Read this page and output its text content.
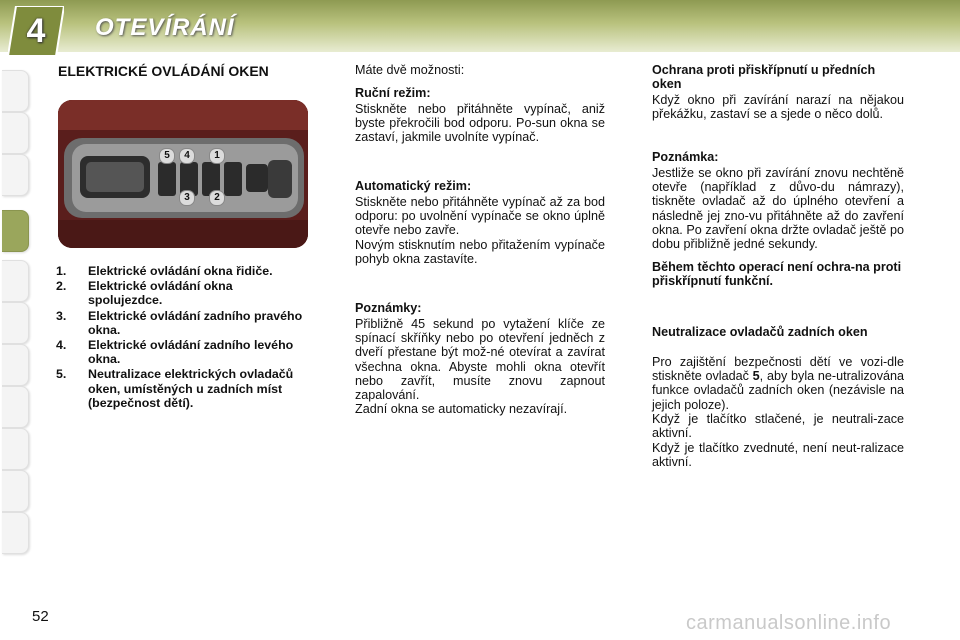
4	OTEVÍRÁNÍ
ELEKTRICKÉ OVLÁDÁNÍ OKEN
5	4	1
3	2
1. Elektrické ovládání okna řidiče.
2. Elektrické ovládání okna spolujezdce.
3. Elektrické ovládání zadního pravého okna.
4. Elektrické ovládání zadního levého okna.
5. Neutralizace elektrických ovladačů oken, umístěných u zadních míst (bezpečnost dětí).
Máte dvě možnosti:
Ruční režim:
Stiskněte nebo přitáhněte vypínač, aniž byste překročili bod odporu. Po-sun okna se zastaví, jakmile uvolníte vypínač.
Automatický režim:
Stiskněte nebo přitáhněte vypínač až za bod odporu: po uvolnění vypínače se okno úplně otevře nebo zavře.
Novým stisknutím nebo přitažením vypínače pohyb okna zastavíte.
Poznámky:
Přibližně 45 sekund po vytažení klíče ze spínací skříňky nebo po otevření jedněch z dveří přestane být mož-né otevírat a zavírat všechna okna. Abyste mohli okna otevřít nebo zavřít, musíte znovu zapnout zapalování.
Zadní okna se automaticky nezavírají.
Ochrana proti přiskřípnutí u předních oken
Když okno při zavírání narazí na nějakou překážku, zastaví se a sjede o něco dolů.
Poznámka:
Jestliže se okno při zavírání znovu nechtěně otevře (například z důvo-du námrazy), tiskněte ovladač až do úplného otevření a následně jej zno-vu přitáhněte až do zavření okna. Po zavření okna držte ovladač ještě po dobu přibližně jedné sekundy.
Během těchto operací není ochra-na proti přiskřípnutí funkční.
Neutralizace ovladačů zadních oken
Pro zajištění bezpečnosti dětí ve vozi-dle stiskněte ovladač 5, aby byla ne-utralizována funkce ovladačů zadních oken (nezávisle na jejich poloze).
Když je tlačítko stlačené, je neutrali-zace aktivní.
Když je tlačítko zvednuté, není neut-ralizace aktivní.
52	carmanualsonline.info
